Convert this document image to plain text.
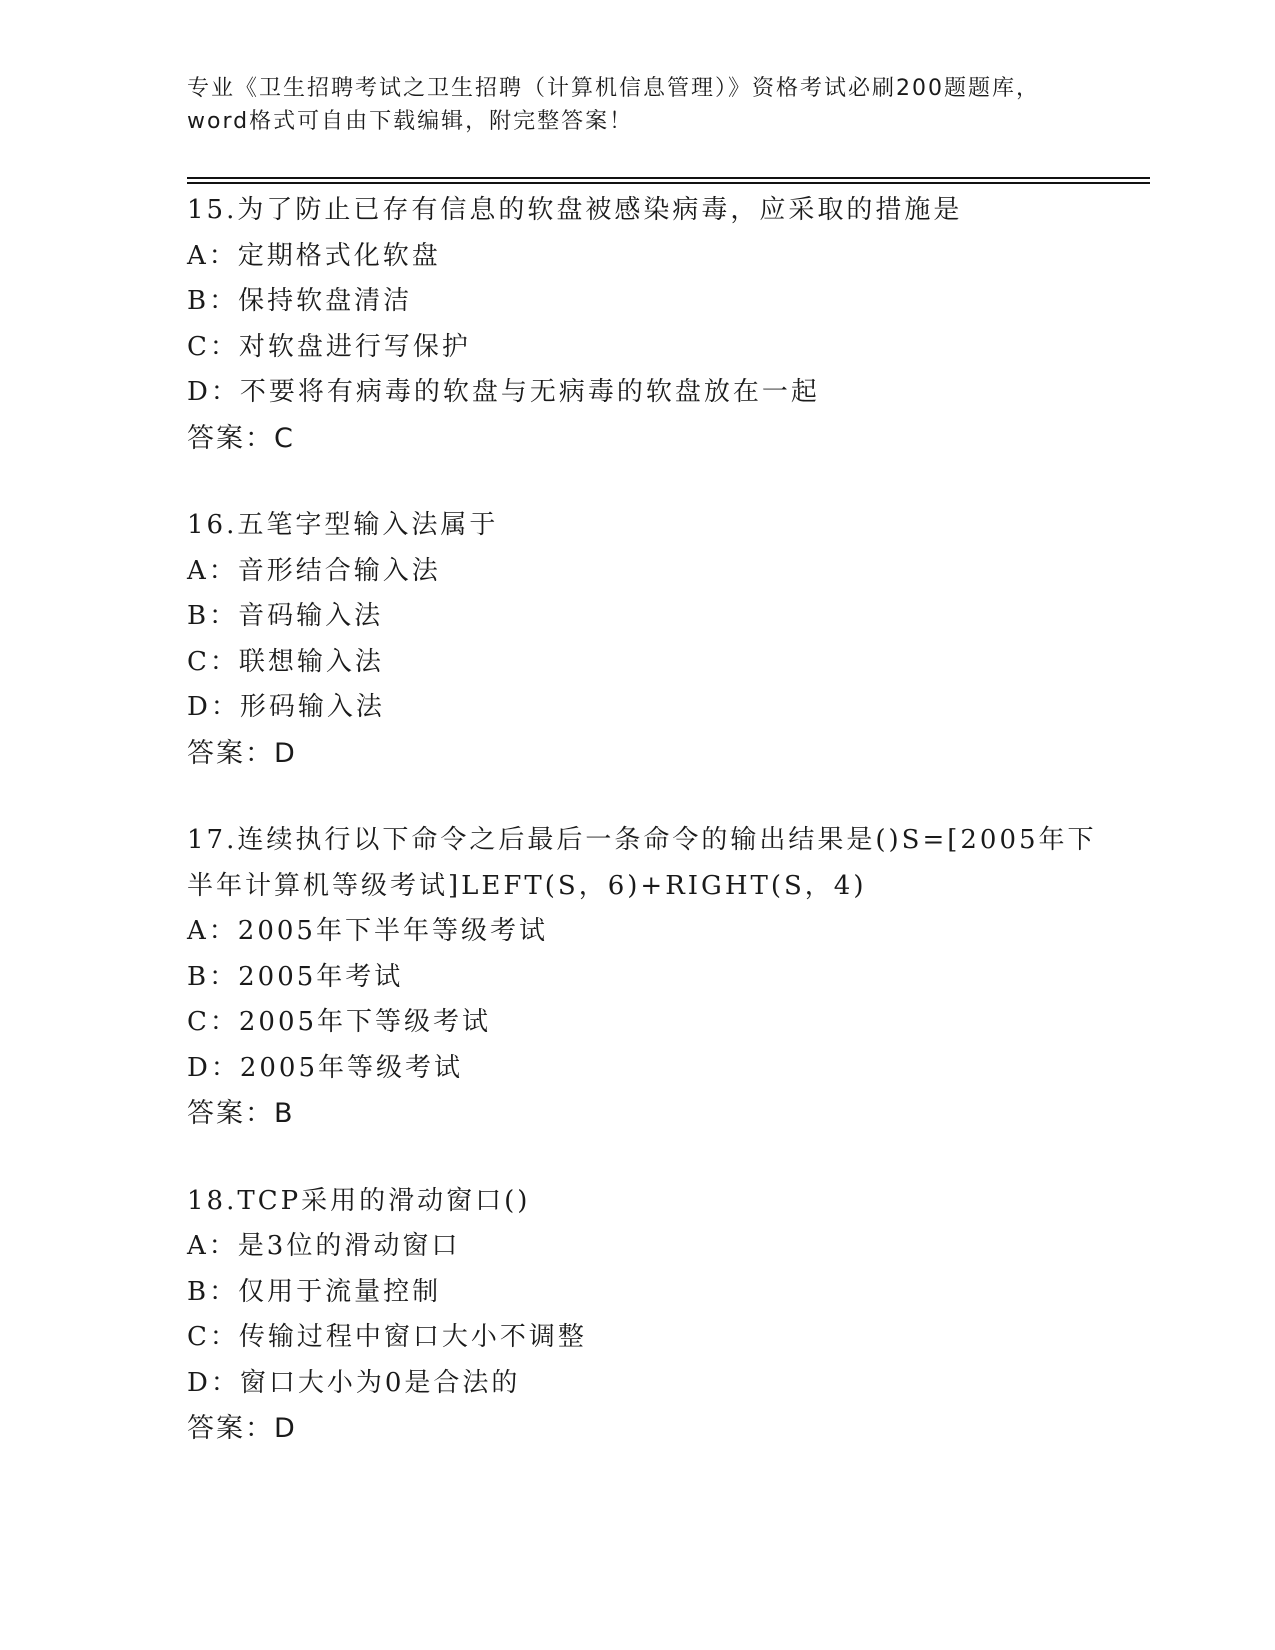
专业《卫生招聘考试之卫生招聘（计算机信息管理）》资格考试必刷200题题库，
word格式可自由下载编辑，附完整答案！
15.为了防止已存有信息的软盘被感染病毒，应采取的措施是
A：定期格式化软盘
B：保持软盘清洁
C：对软盘进行写保护
D：不要将有病毒的软盘与无病毒的软盘放在一起
答案：C
16.五笔字型输入法属于
A：音形结合输入法
B：音码输入法
C：联想输入法
D：形码输入法
答案：D
17.连续执行以下命令之后最后一条命令的输出结果是()S=[2005年下
半年计算机等级考试]LEFT(S，6)+RIGHT(S，4)
A：2005年下半年等级考试
B：2005年考试
C：2005年下等级考试
D：2005年等级考试
答案：B
18.TCP采用的滑动窗口()
A：是3位的滑动窗口
B：仅用于流量控制
C：传输过程中窗口大小不调整
D：窗口大小为0是合法的
答案：D
